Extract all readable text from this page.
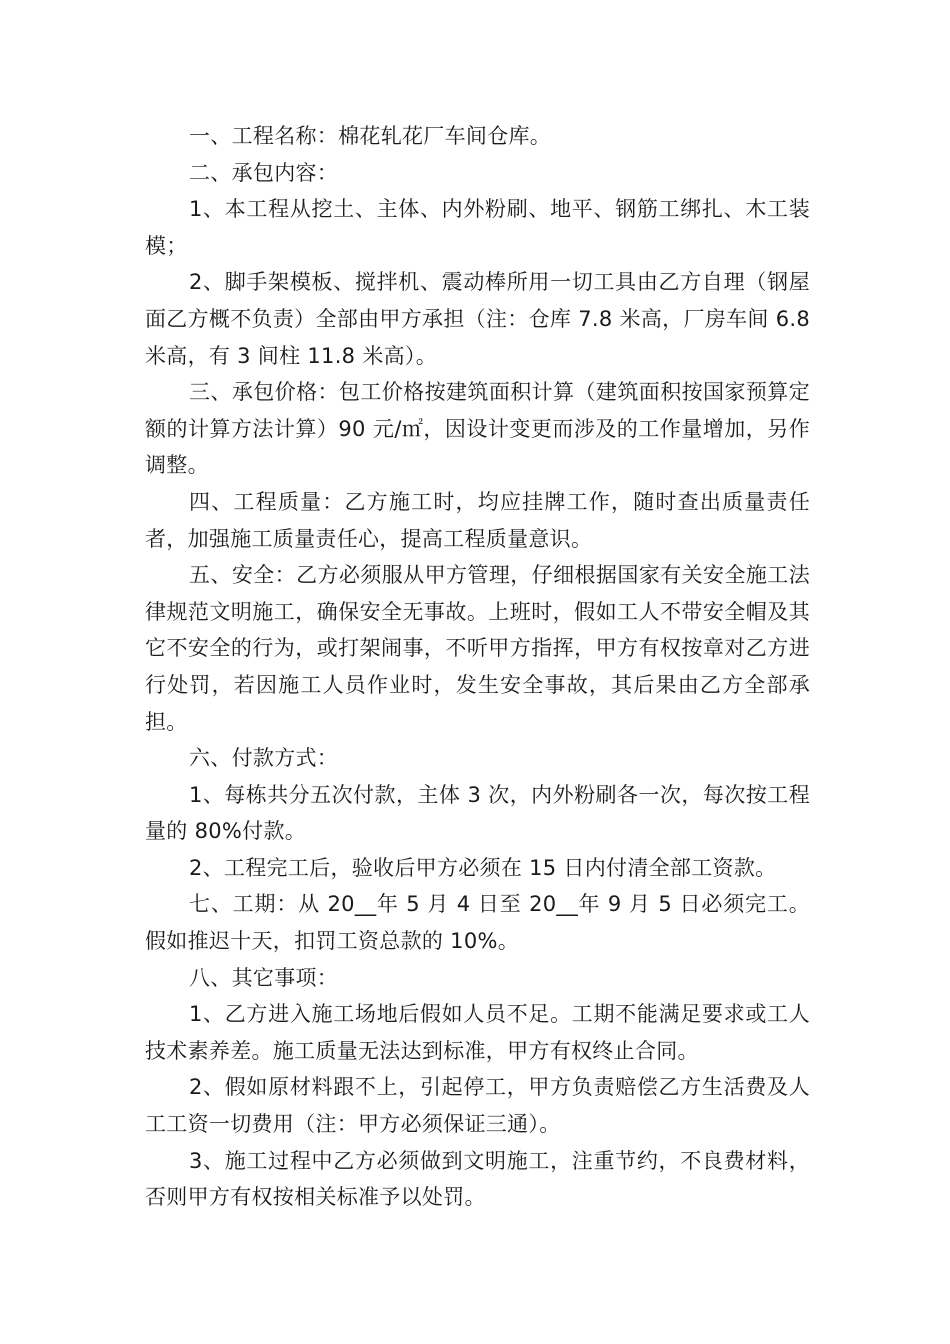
一、工程名称：棉花轧花厂车间仓库。

二、承包内容：

1、本工程从挖土、主体、内外粉刷、地平、钢筋工绑扎、木工装模；

2、脚手架模板、搅拌机、震动棒所用一切工具由乙方自理（钢屋面乙方概不负责）全部由甲方承担（注：仓库 7.8 米高，厂房车间 6.8 米高，有 3 间柱 11.8 米高）。

三、承包价格：包工价格按建筑面积计算（建筑面积按国家预算定额的计算方法计算）90 元/㎡，因设计变更而涉及的工作量增加，另作调整。

四、工程质量：乙方施工时，均应挂牌工作，随时查出质量责任者，加强施工质量责任心，提高工程质量意识。

五、安全：乙方必须服从甲方管理，仔细根据国家有关安全施工法律规范文明施工，确保安全无事故。上班时，假如工人不带安全帽及其它不安全的行为，或打架闹事，不听甲方指挥，甲方有权按章对乙方进行处罚，若因施工人员作业时，发生安全事故，其后果由乙方全部承担。

六、付款方式：

1、每栋共分五次付款，主体 3 次，内外粉刷各一次，每次按工程量的 80%付款。

2、工程完工后，验收后甲方必须在 15 日内付清全部工资款。

七、工期：从 20__年 5 月 4 日至 20__年 9 月 5 日必须完工。假如推迟十天，扣罚工资总款的 10%。

八、其它事项：

1、乙方进入施工场地后假如人员不足。工期不能满足要求或工人技术素养差。施工质量无法达到标准，甲方有权终止合同。

2、假如原材料跟不上，引起停工，甲方负责赔偿乙方生活费及人工工资一切费用（注：甲方必须保证三通）。

3、施工过程中乙方必须做到文明施工，注重节约，不良费材料，否则甲方有权按相关标准予以处罚。
